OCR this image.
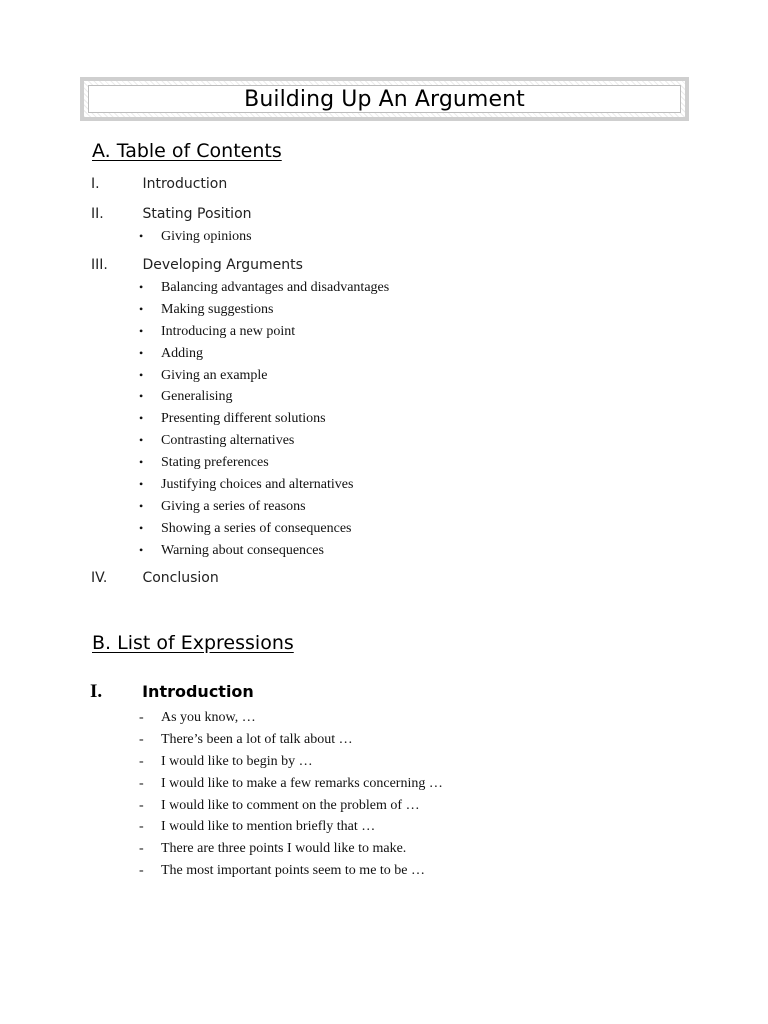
Building Up An Argument
A. Table of Contents
I.	Introduction
II.	Stating Position
• Giving opinions
III. Developing Arguments
• Balancing advantages and disadvantages
• Making suggestions
• Introducing a new point
• Adding
• Giving an example
• Generalising
• Presenting different solutions
• Contrasting alternatives
• Stating preferences
• Justifying choices and alternatives
• Giving a series of reasons
• Showing a series of consequences
• Warning about consequences
IV.	Conclusion
B. List of Expressions
I. Introduction
- As you know, …
- There’s been a lot of talk about …
- I would like to begin by …
- I would like to make a few remarks concerning …
- I would like to comment on the problem of …
- I would like to mention briefly that …
- There are three points I would like to make.
- The most important points seem to me to be …
